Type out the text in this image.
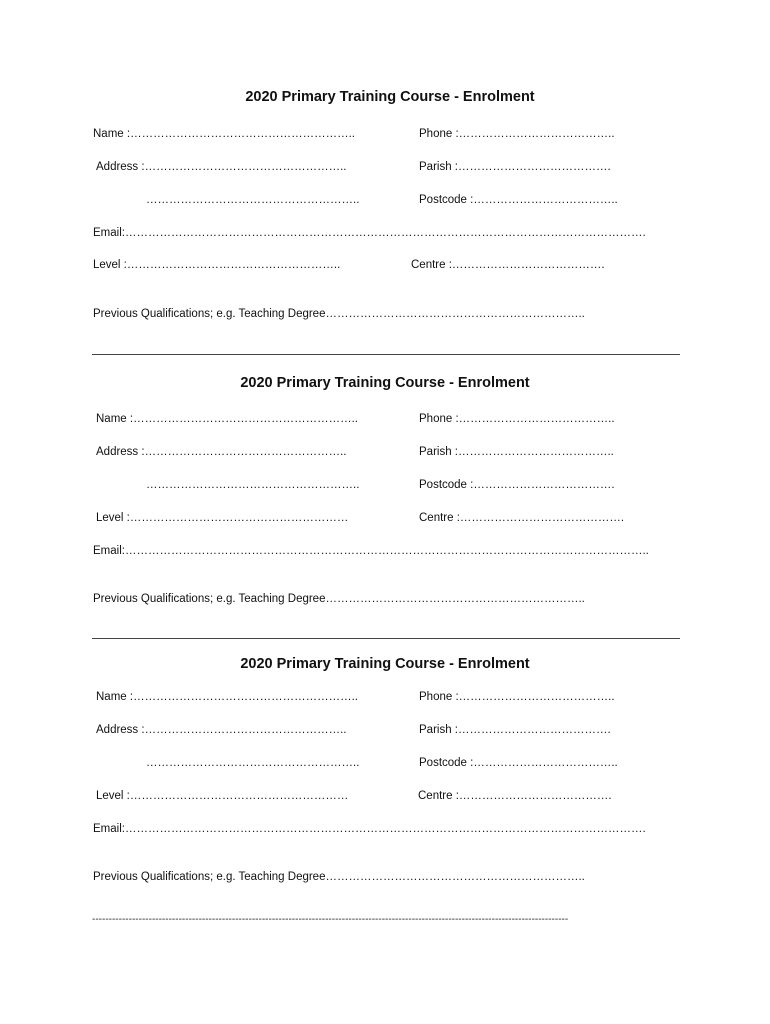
2020 Primary Training Course - Enrolment
Name :…………………………………………………..	Phone :…………………………………..
Address :……………………………………………..	Parish :………………………………….
………………………………………………..	Postcode :………………………………..
Email:……………………………………………………………………………………………………………………….
Level :………………………………………………..	Centre :………………………………….
Previous Qualifications; e.g. Teaching Degree…………………………………………………………..
2020 Primary Training Course - Enrolment
Name :…………………………………………………..	Phone :…………………………………..
Address :……………………………………………..	Parish :…………………………………..
………………………………………………..	Postcode :……………………………….
Level :…………………………………………………	Centre :…………………………………….
Email:………………………………………………………………………………………………………………………..
Previous Qualifications; e.g. Teaching Degree…………………………………………………………..
2020 Primary Training Course - Enrolment
Name :…………………………………………………..	Phone :…………………………………..
Address :……………………………………………..	Parish :………………………………….
………………………………………………..	Postcode :………………………………..
Level :…………………………………………………	Centre :………………………………….
Email:……………………………………………………………………………………………………………………….
Previous Qualifications; e.g. Teaching Degree…………………………………………………………..
-----------------------------------------------------------------------------------------------------------------------------------------------
